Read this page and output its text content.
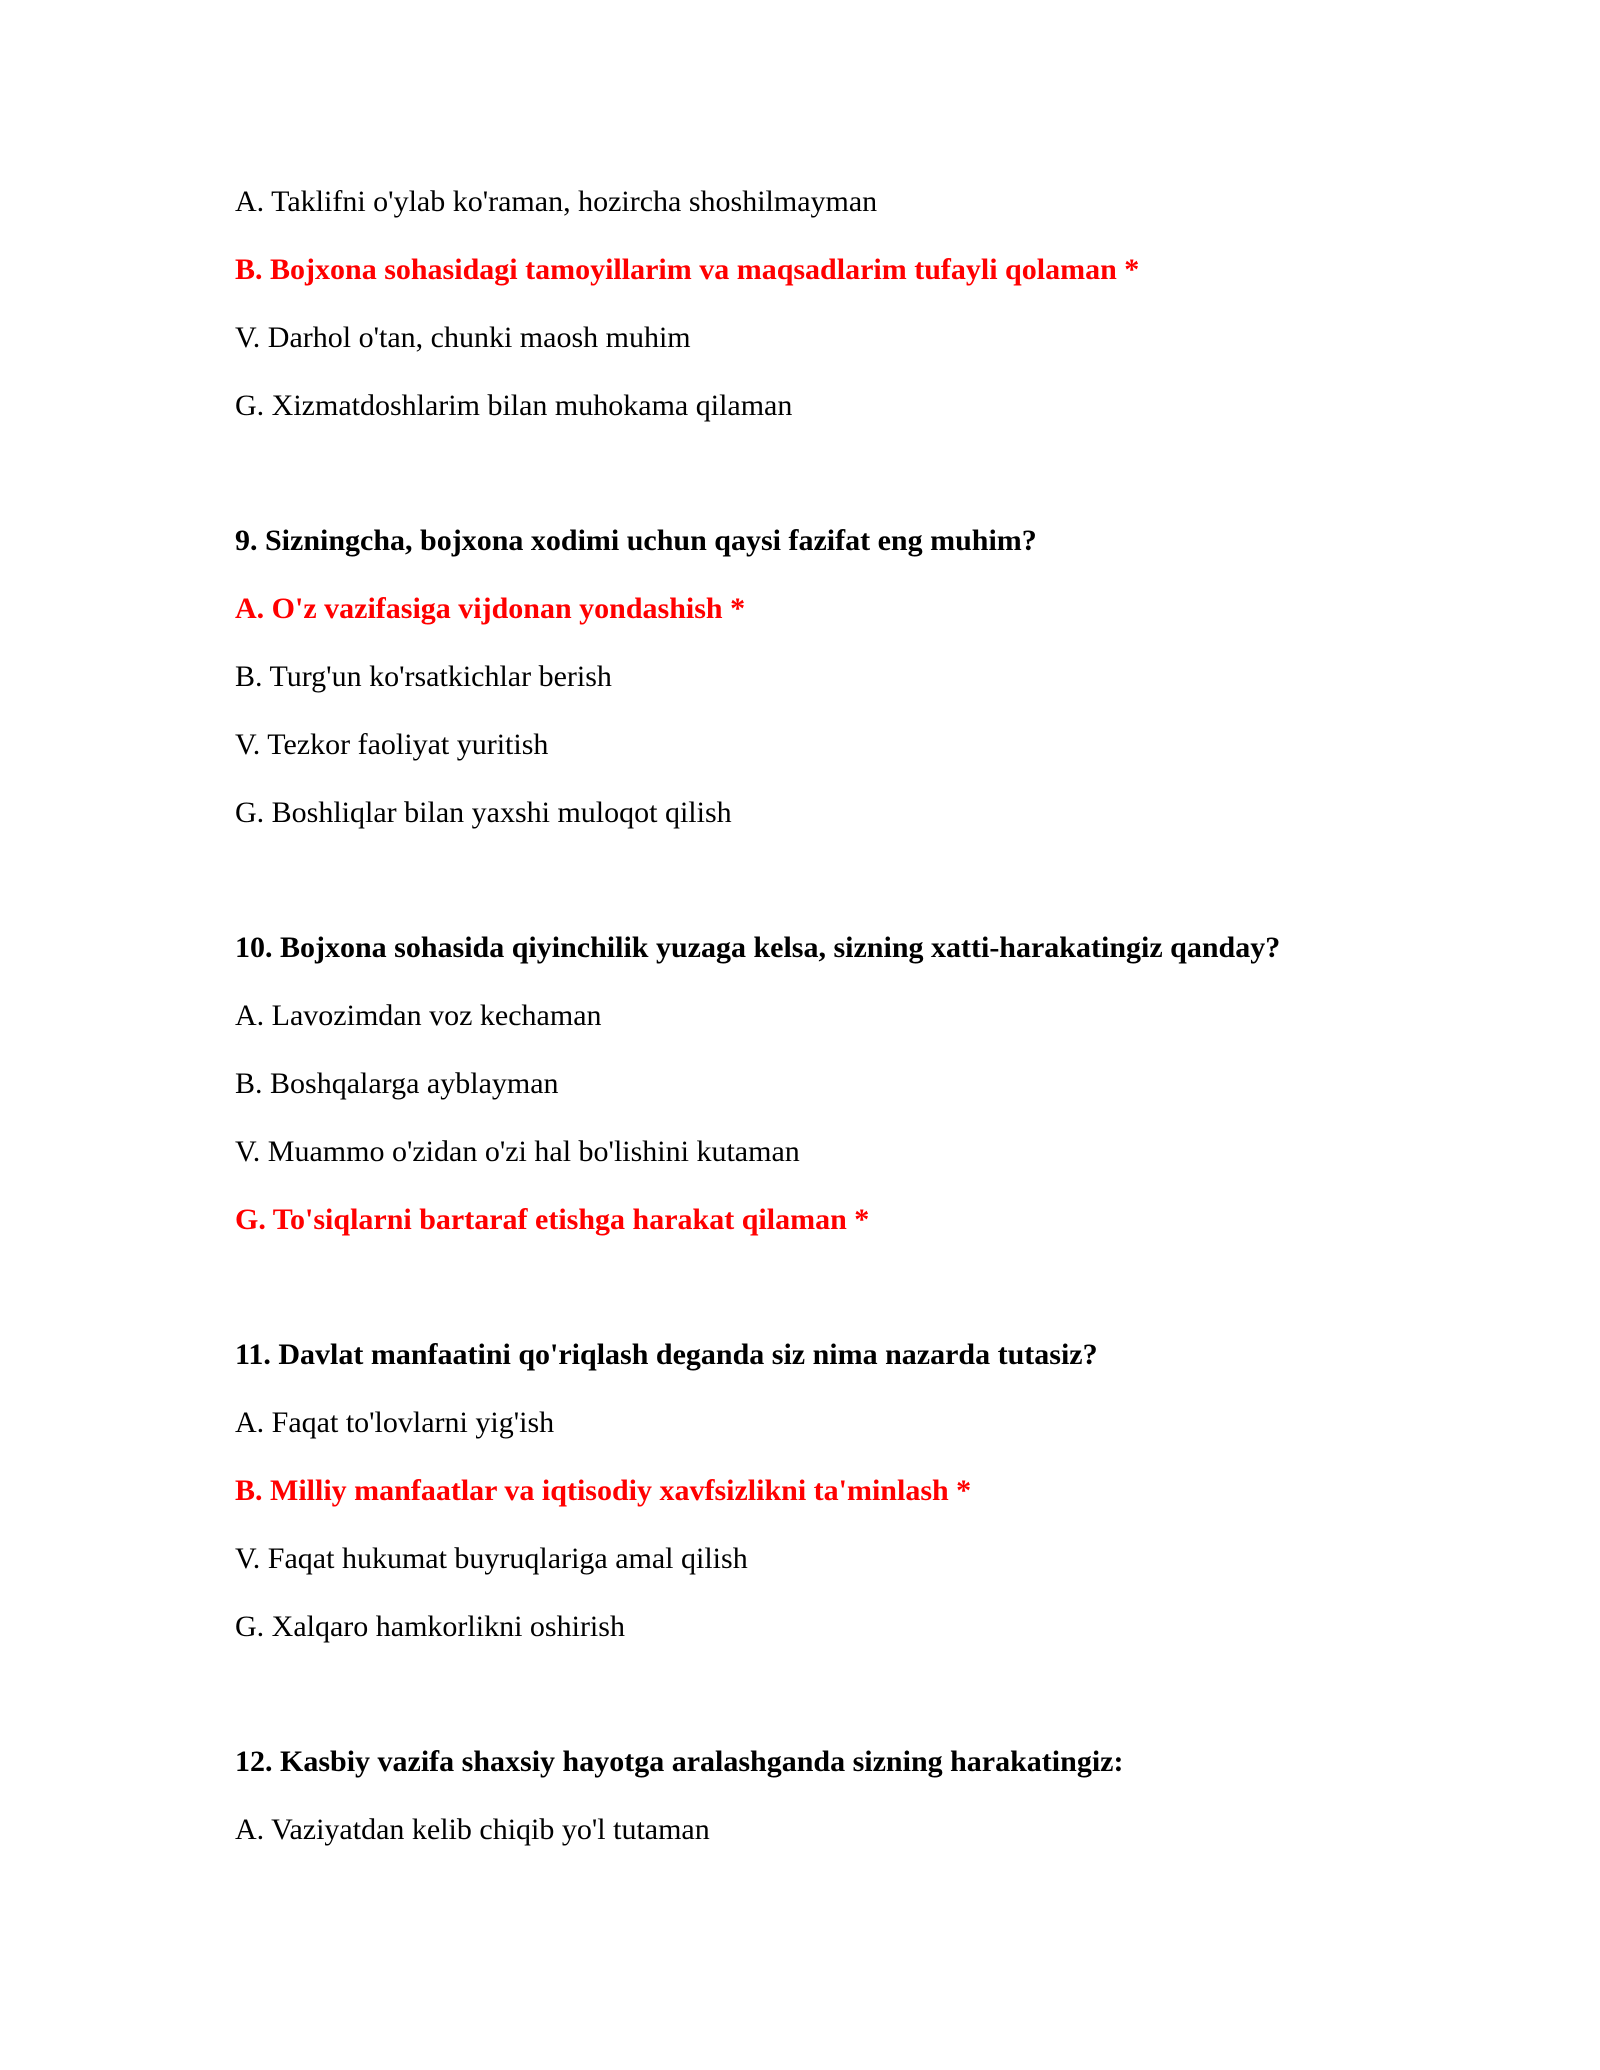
A. Taklifni o'ylab ko'raman, hozircha shoshilmayman
B. Bojxona sohasidagi tamoyillarim va maqsadlarim tufayli qolaman *
V. Darhol o'tan, chunki maosh muhim
G. Xizmatdoshlarim bilan muhokama qilaman
9. Sizningcha, bojxona xodimi uchun qaysi fazifat eng muhim?
A. O'z vazifasiga vijdonan yondashish *
B. Turg'un ko'rsatkichlar berish
V. Tezkor faoliyat yuritish
G. Boshliqlar bilan yaxshi muloqot qilish
10. Bojxona sohasida qiyinchilik yuzaga kelsa, sizning xatti-harakatingiz qanday?
A. Lavozimdan voz kechaman
B. Boshqalarga ayblayman
V. Muammo o'zidan o'zi hal bo'lishini kutaman
G. To'siqlarni bartaraf etishga harakat qilaman *
11. Davlat manfaatini qo'riqlash deganda siz nima nazarda tutasiz?
A. Faqat to'lovlarni yig'ish
B. Milliy manfaatlar va iqtisodiy xavfsizlikni ta'minlash *
V. Faqat hukumat buyruqlariga amal qilish
G. Xalqaro hamkorlikni oshirish
12. Kasbiy vazifa shaxsiy hayotga aralashganda sizning harakatingiz:
A. Vaziyatdan kelib chiqib yo'l tutaman
